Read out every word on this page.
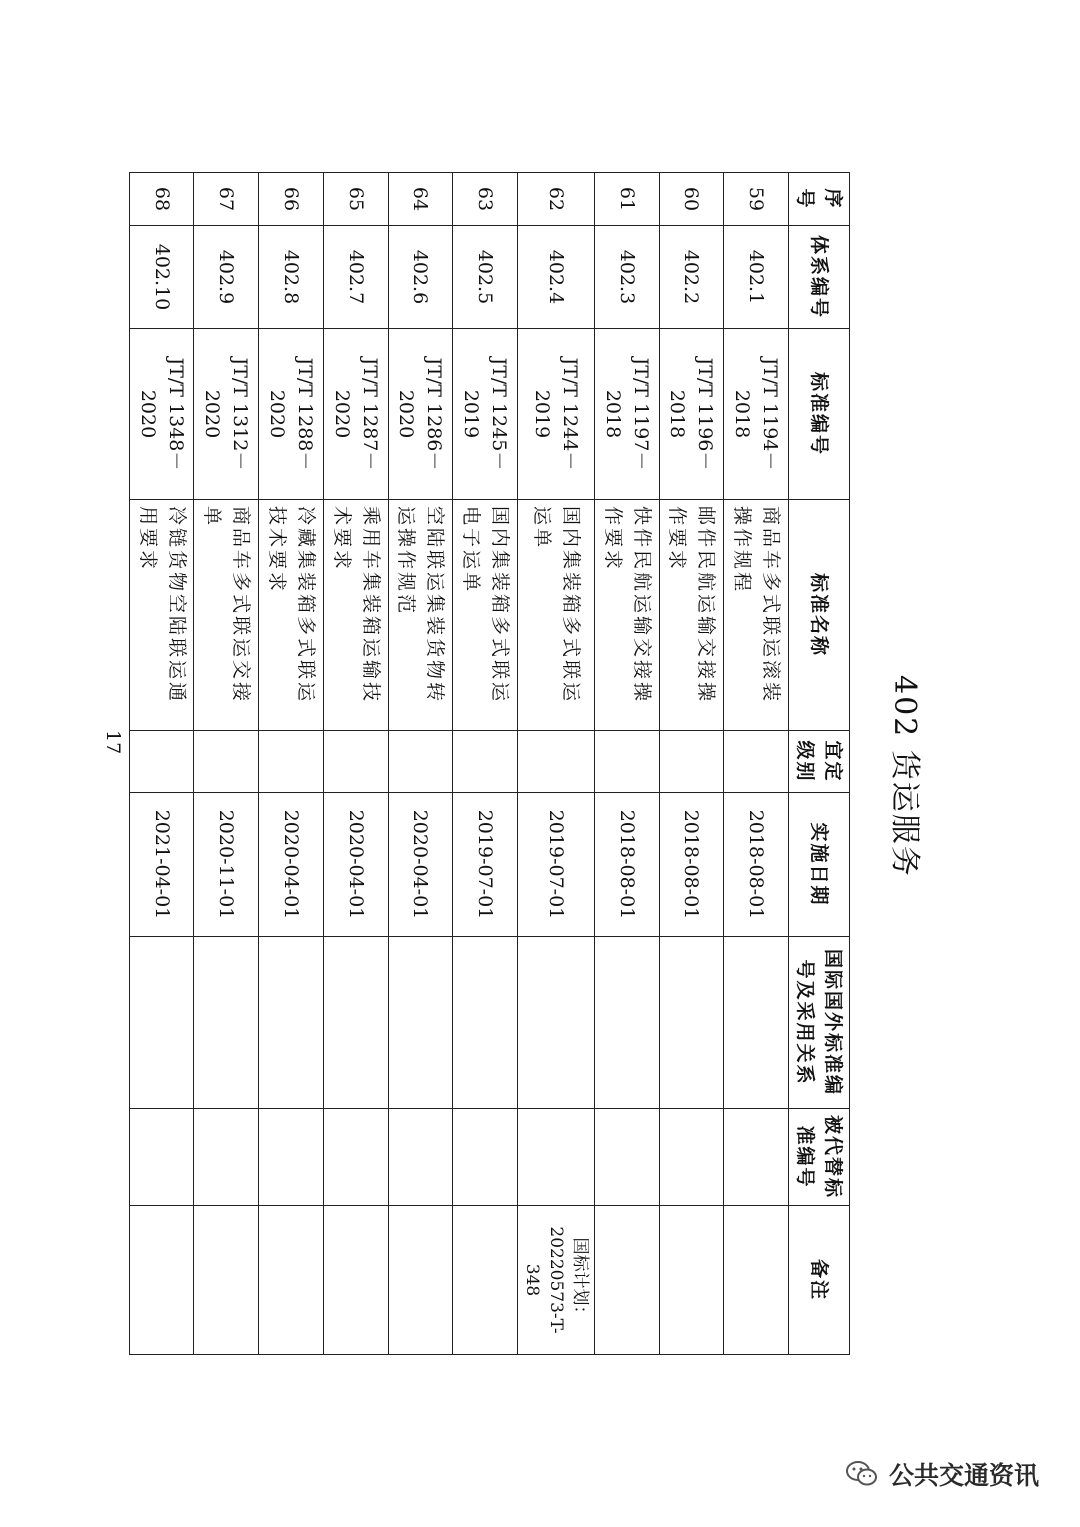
402 货运服务
序号	体系编号	标准编号	标准名称	宜定级别	实施日期	国际国外标准编号及采用关系	被代替标准编号	备注
59	402.1	JT/T 1194－2018	商品车多式联运滚装操作规程		2018-08-01			
60	402.2	JT/T 1196－2018	邮件民航运输交接操作要求		2018-08-01			
61	402.3	JT/T 1197－2018	快件民航运输交接操作要求		2018-08-01			
62	402.4	JT/T 1244－2019	国内集装箱多式联运运单		2019-07-01			国标计划：20220573-T-348
63	402.5	JT/T 1245－2019	国内集装箱多式联运电子运单		2019-07-01			
64	402.6	JT/T 1286－2020	空陆联运集装货物转运操作规范		2020-04-01			
65	402.7	JT/T 1287－2020	乘用车集装箱运输技术要求		2020-04-01			
66	402.8	JT/T 1288－2020	冷藏集装箱多式联运技术要求		2020-04-01			
67	402.9	JT/T 1312－2020	商品车多式联运交接单		2020-11-01			
68	402.10	JT/T 1348－2020	冷链货物空陆联运通用要求		2021-04-01			
17
公共交通资讯
